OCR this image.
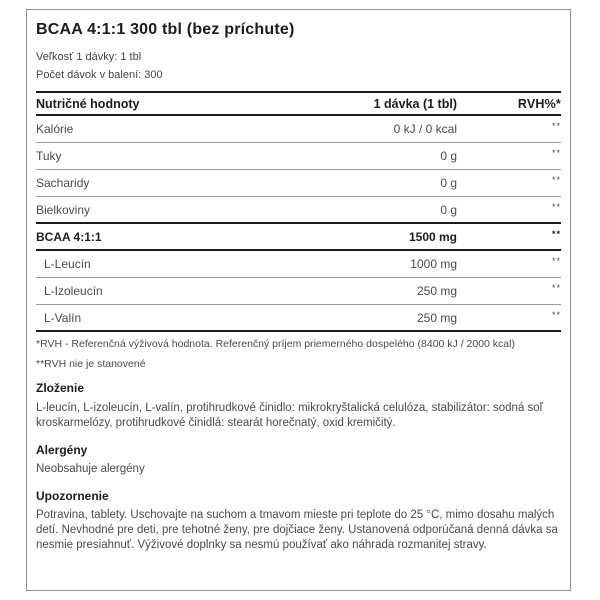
BCAA 4:1:1 300 tbl (bez príchute)
Veľkosť 1 dávky: 1 tbl
Počet dávok v balení: 300
Nutričné hodnoty	1 dávka (1 tbl)	RVH%*
Kalórie	0 kJ / 0 kcal	**
Tuky	0 g	**
Sacharidy	0 g	**
Bielkoviny	0 g	**
BCAA 4:1:1	1500 mg	**
L-Leucín	1000 mg	**
L-Izoleucín	250 mg	**
L-Valín	250 mg	**
*RVH - Referenčná výživová hodnota. Referenčný príjem priemerného dospelého (8400 kJ / 2000 kcal)
**RVH nie je stanovené
Zloženie
L-leucín, L-izoleucín, L-valín, protihrudkové činidlo: mikrokryštalická celulóza, stabilizátor: sodná soľ kroskarmelózy, protihrudkové činidlá: stearát horečnatý, oxid kremičitý.
Alergény
Neobsahuje alergény
Upozornenie
Potravina, tablety. Uschovajte na suchom a tmavom mieste pri teplote do 25 °C, mimo dosahu malých detí. Nevhodné pre deti, pre tehotné ženy, pre dojčiace ženy. Ustanovená odporúčaná denná dávka sa nesmie presiahnuť. Výživové doplnky sa nesmú používať ako náhrada rozmanitej stravy.
